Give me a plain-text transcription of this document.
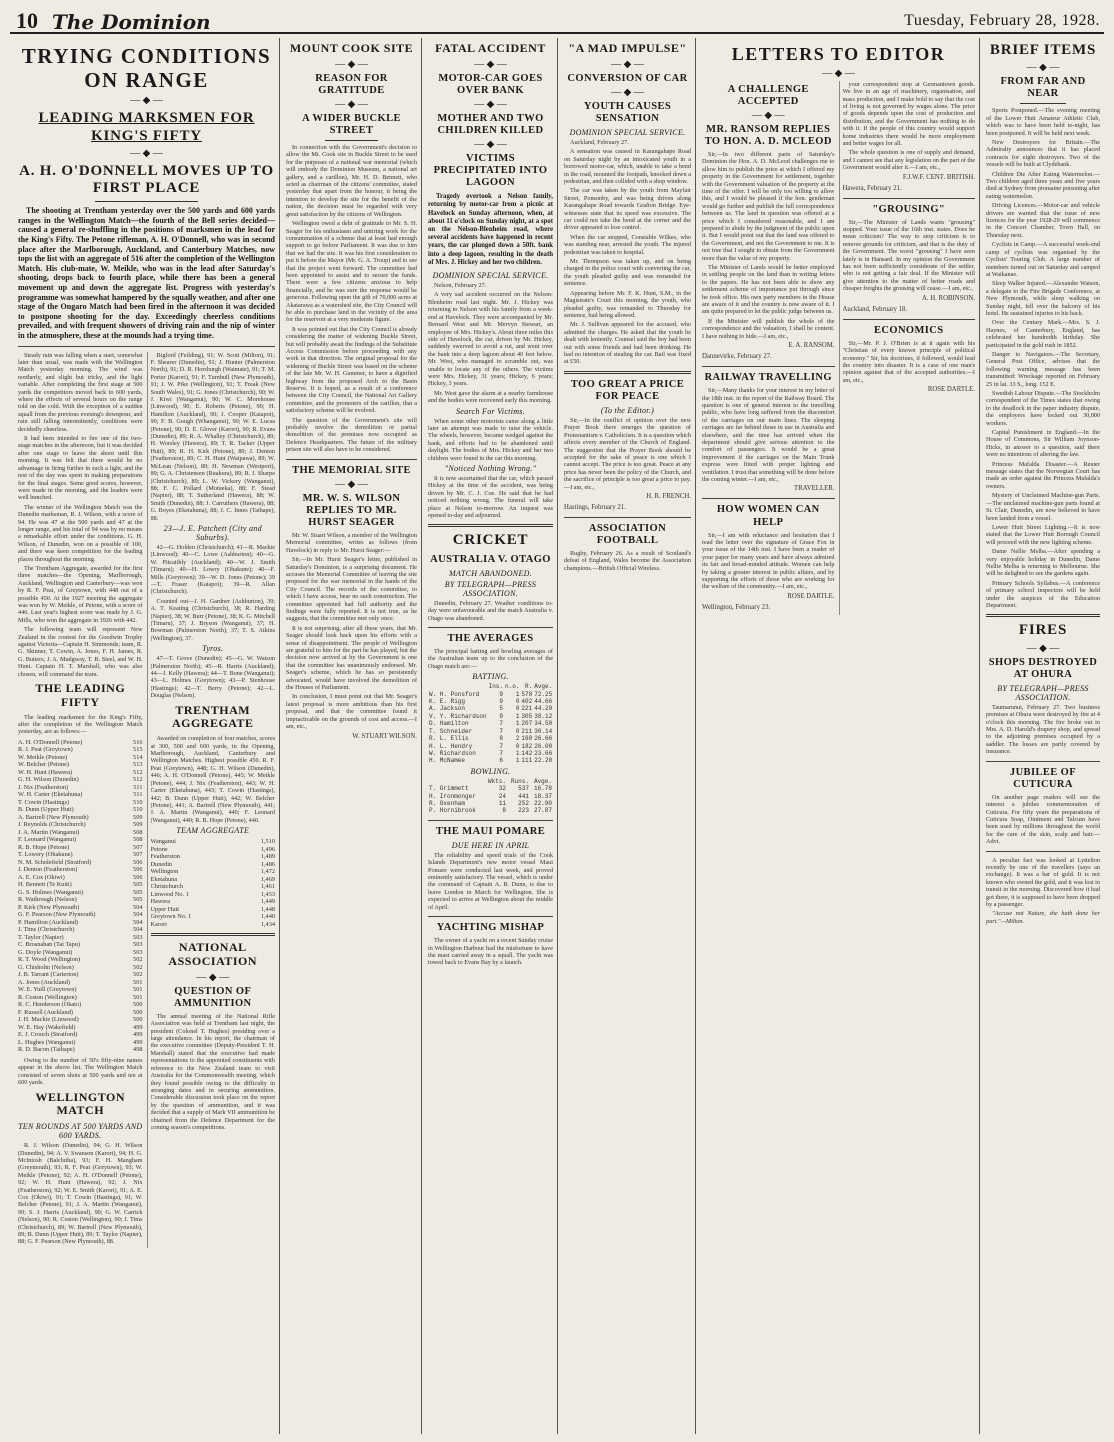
10 The Dominion	Tuesday, February 28, 1928.
TRYING CONDITIONS ON RANGE
— ◆ —
LEADING MARKSMEN FOR KING'S FIFTY
— ◆ —
A. H. O'DONNELL MOVES UP TO FIRST PLACE

The shooting at Trentham yesterday over the 500 yards and 600 yards ranges in the Wellington Match—the fourth of the Bell series decided—caused a general re-shuffling in the positions of marksmen in the lead for the King's Fifty. The Petone rifleman, A. H. O'Donnell, who was in second place after the Marlborough, Auckland, and Canterbury Matches, now tops the list with an aggregate of 516 after the completion of the Wellington Match. His club-mate, W. Meikle, who was in the lead after Saturday's shooting, drops back to fourth place, while there has been a general movement up and down the aggregate list. Progress with yesterday's programme was somewhat hampered by the squally weather, and after one stage of the Ongaro Match had been fired in the afternoon it was decided to postpone shooting for the day. Exceedingly cheerless conditions prevailed, and with frequent showers of driving rain and the nip of winter in the atmosphere, these at the mounds had a trying time.

Steady rain was falling when a start, somewhat later than usual, was made with the Wellington Match yesterday morning. The wind was northerly, and slight but tricky, and the light variable. After completing the first stage at 500 yards the competitors moved back to 600 yards, where the effects of several hours on the range told on the cold. With the exception of a sudden squall from the previous evening's downpour, and rain still falling intermittently, conditions were decidedly cheerless.

It had been intended to fire one of the two-stage matches in the afternoon, but it was decided after one stage to leave the shoot until this morning. It was felt that there would be no advantage in firing further in such a light, and the rest of the day was spent in making preparations for the final stages. Some good scores, however, were made in the morning, and the leaders were well bunched.

The winner of the Wellington Match was the Dunedin marksman, R. J. Wilson, with a score of 94. He was 47 at the 500 yards and 47 at the longer range, and his total of 94 was by no means a remarkable effort under the conditions. G. H. Wilson, of Dunedin, won on a possible of 100, and there was keen competition for the leading places throughout the morning.

The Trentham Aggregate, awarded for the first three matches—the Opening, Marlborough, Auckland, Wellington and Canterbury—was won by R. F. Peat, of Greytown, with 448 out of a possible 450. At the 1927 meeting the aggregate was won by W. Meikle, of Petone, with a score of 446. Last year's highest score was made by J. G. Mills, who won the aggregate in 1926 with 442.

The following team will represent New Zealand in the contest for the Goodwin Trophy against Victoria—Captain H. Simmonds; team, R. G. Skinner, T. Cowin, A. Jones, F. H. James, R. G. Butters, J. A. Mudgway, T. B. Steel, and W. H. Hunt. Captain H. T. Marshall, who was also chosen, will command the team.

THE LEADING FIFTY

The leading marksmen for the King's Fifty, after the completion of the Wellington Match yesterday, are as follows:—

A. H. O'Donnell (Petone)	516
R. J. Peat (Greytown)	515
W. Meikle (Petone)	514
W. Belcher (Petone)	513
W. H. Hunt (Hawera)	512
G. H. Wilson (Dunedin)	512
J. Nix (Featherston)	511
W. H. Carter (Eketahuna)	511
T. Cowin (Hastings)	510
B. Dunn (Upper Hutt)	510
A. Bartrell (New Plymouth)	509
J. Reynolds (Christchurch)	509
J. A. Martin (Wanganui)	508
F. Leonard (Wanganui)	508
R. B. Hope (Petone)	507
T. Lowery (Ohakune)	507
N. M. Scholefield (Stratford)	506
J. Denton (Featherston)	506
A. E. Cox (Okiwi)	506
H. Bennett (Te Kuiti)	505
G. S. Holmes (Wanganui)	505
R. Wathrough (Nelson)	505
P. Kirk (New Plymouth)	504
G. F. Pearson (New Plymouth)	504
P. Hamilton (Auckland)	504
J. Tims (Christchurch)	504
T. Taylor (Napier)	503
C. Brosnahan (Tai Tapu)	503
G. Doyle (Wanganui)	503
R. T. Wood (Wellington)	502
G. Chisholm (Nelson)	502
J. B. Tarrant (Carterton)	502
A. Jones (Auckland)	501
W. E. Yuill (Greytown)	501
R. Coston (Wellington)	501
R. C. Henderson (Okato)	500
F. Russell (Auckland)	500
J. H. Mackie (Linwood)	500
W. E. Hay (Wakefield)	499
E. J. Crouch (Stratford)	499
L. Hughes (Wanganui)	499
R. D. Bacon (Taihape)	498

Owing to the number of 50's fifty-nine names appear in the above list. The Wellington Match consisted of seven shots at 500 yards and ten at 600 yards.

WELLINGTON MATCH
TEN ROUNDS AT 500 YARDS AND 600 YARDS.

R. J. Wilson (Dunedin), 94; G. H. Wilson (Dunedin), 94; A. V. Swanson (Karori), 94; H. G. McIntosh (Balclutha), 93; F. H. Mangham (Greymouth), 93; R. F. Peat (Greytown), 93; W. Meikle (Petone), 92; A. H. O'Donnell (Petone), 92; W. H. Hunt (Hawera), 92; J. Nix (Featherston), 92; W. E. Smith (Karori), 91; A. E. Cox (Okiwi), 91; T. Cowin (Hastings), 91; W. Belcher (Petone), 91; J. A. Martin (Wanganui), 90; S. J. Harris (Auckland), 90; G. W. Carrick (Nelson), 90; R. Coston (Wellington), 90; J. Tims (Christchurch), 89; W. Bartrell (New Plymouth), 89; B. Dunn (Upper Hutt), 89; T. Taylor (Napier), 88; G. F. Pearson (New Plymouth), 88.

Bigford (Feilding), 91; W. Scott (Milton), 91; F. Shearer (Dunedin), 91; J. Hunter (Palmerston North), 91; D. R. Horsburgh (Waimate), 91; T. M. Porter (Karori), 91; F. Turnbull (New Plymouth), 91; J. W. Pike (Wellington), 91; T. Freak (New South Wales), 91; G. Jones (Christchurch), 90; W. J. Kiwi (Wanganui), 90; W. C. Morehouse (Linwood), 90; E. Roberts (Petone), 90; H. Hamilton (Auckland), 90; J. Cooper (Kaiapoi), 90; F. B. Gough (Whanganui), 90; W. E. Lucas (Petone), 90; D. E. Glover (Karori), 90; R. Evans (Dunedin), 89; R. A. Whalley (Christchurch), 89; H. Worsley (Hawera), 89; T. R. Tacker (Upper Hutt), 89; R. H. Kirk (Petone), 89; J. Denton (Featherston), 89; C. H. Hunt (Waipawa), 89; W. McLean (Nelson), 89; H. Newman (Westport), 89; G. A. Christensen (Ruakura), 89; R. J. Sharpe (Christchurch), 89; L. W. Vickery (Wanganui), 88; F. C. Pollard (Motueka), 88; F. Stead (Napier), 88; T. Sutherland (Hawera), 88; W. Smith (Dunedin), 88; J. Carruthers (Hawera), 88; G. Boyes (Eketahuna), 88; J. C. Innes (Taihape), 88.

23—J. E. Patchett (City and Suburbs).

42—G. Holden (Christchurch); 41—R. Mackie (Linwood); 40—C. Lowe (Ashburton); 40—G. W. Pitcaithly (Auckland); 40—W. J. Smith (Timaru); 40—H. Lowry (Ohakune); 40—F. Mills (Greytown); 39—W. D. Jones (Petone); 39—T. Fraser (Kaiapoi); 39—R. Allan (Christchurch).

Counted out—J. H. Gardner (Ashburton), 39; A. T. Keating (Christchurch), 38; R. Harding (Napier), 38; W. Burr (Petone), 38; K. G. Mitchell (Timaru), 37; J. Bryson (Wanganui), 37; H. Bowman (Palmerston North), 37; T. S. Atkins (Wellington), 37.

Tyros.

47—T. Grove (Dunedin); 45—G. W. Watson (Palmerston North); 45—R. Harris (Auckland); 44—J. Kelly (Hawera); 44—T. Bone (Wanganui); 43—L. Holmes (Greytown); 43—P. Stenhouse (Hastings); 42—T. Berry (Petone); 42—L. Douglas (Nelson).

TRENTHAM AGGREGATE

Awarded on completion of four matches, scores at 300, 500 and 600 yards, in the Opening, Marlborough, Auckland, Canterbury and Wellington Matches. Highest possible 450. R. F. Peat (Greytown), 448; G. H. Wilson (Dunedin), 446; A. H. O'Donnell (Petone), 445; W. Meikle (Petone), 444; J. Nix (Featherston), 443; W. H. Carter (Eketahuna), 443; T. Cowin (Hastings), 442; B. Dunn (Upper Hutt), 442; W. Belcher (Petone), 441; A. Bartrell (New Plymouth), 441; J. A. Martin (Wanganui), 440; F. Leonard (Wanganui), 440; R. B. Hope (Petone), 440.

TEAM AGGREGATE
Wanganui	1,510
Petone	1,496
Featherston	1,489
Dunedin	1,486
Wellington	1,472
Eketahuna	1,469
Christchurch	1,461
Linwood No. 1	1,453
Hawera	1,449
Upper Hutt	1,448
Greytown No. 1	1,440
Karori	1,434
NATIONAL ASSOCIATION
— ◆ —
QUESTION OF AMMUNITION

The annual meeting of the National Rifle Association was held at Trentham last night, the president (Colonel T. Hughes) presiding over a large attendance. In his report, the chairman of the executive committee (Deputy-President T. H. Marshall) stated that the executive had made representations to the appointed constituents with reference to the New Zealand team to visit Australia for the Commonwealth meeting, which they found possible owing to the difficulty in arranging dates and in securing ammunition. Considerable discussion took place on the report by the question of ammunition, and it was decided that a supply of Mark VII ammunition be obtained from the Defence Department for the coming season's competitions.

MOUNT COOK SITE
— ◆ —
REASON FOR GRATITUDE
— ◆ —
A WIDER BUCKLE STREET

In connection with the Government's decision to allow the Mt. Cook site in Buckle Street to be used for the purposes of a national war memorial (which will embody the Dominion Museum, a national art gallery, and a carillon), Mr. H. D. Bennett, who acted as chairman of the citizens' committee, stated yesterday that apart from the honour, it being the intention to develop the site for the benefit of the nation, the decision must be regarded with very great satisfaction by the citizens of Wellington.

Wellington owed a debt of gratitude to Mr. S. H. Seager for his enthusiasm and untiring work for the consummation of a scheme that at least had enough support to go before Parliament. It was due to him that we had the site. It was his first consideration to put it before the Mayor (Mr. G. A. Troup) and to see that the project went forward. The committee had been appointed to assist and to secure the funds. There were a few citizens anxious to help financially, and he was sure the response would be generous. Following upon the gift of 70,000 acres at Akatarawa as a watershed site, the City Council will be able to purchase land in the vicinity of the area for the reservoir at a very moderate figure.

It was pointed out that the City Council is already considering the matter of widening Buckle Street, but will probably await the findings of the Substitute Access Commission before proceeding with any work in that direction. The original proposal for the widening of Buckle Street was based on the scheme of the late Mr. W. H. Gummer, to have a dignified highway from the proposed Arch to the Basin Reserve. It is hoped, as a result of a conference between the City Council, the National Art Gallery committee, and the promoters of the carillon, that a satisfactory scheme will be evolved.

The question of the Government's site will probably involve the demolition or partial demolition of the premises now occupied as Defence Headquarters. The future of the military prison site will also have to be considered.

THE MEMORIAL SITE
— ◆ —
MR. W. S. WILSON REPLIES TO MR. HURST SEAGER

Mr. W. Stuart Wilson, a member of the Wellington Memorial committee, writes as follows (from Havelock) in reply to Mr. Hurst Seager:—

Sir,—In Mr. Hurst Seager's letter, published in Saturday's Dominion, is a surprising document. He accuses the Memorial Committee of leaving the site proposed for the war memorial in the hands of the City Council. The records of the committee, to which I have access, bear no such construction. The committee appointed had full authority and the findings were fully reported. It is not true, as he suggests, that the committee met only once.

It is not surprising, after all these years, that Mr. Seager should look back upon his efforts with a sense of disappointment. The people of Wellington are grateful to him for the part he has played, but the decision now arrived at by the Government is one that the committee has unanimously endorsed. Mr. Seager's scheme, which he has so persistently advocated, would have involved the demolition of the Houses of Parliament.

In conclusion, I must point out that Mr. Seager's latest proposal is more ambitious than his first proposal, and that the committee found it impracticable on the grounds of cost and access.—I am, etc.,

W. STUART WILSON.

FATAL ACCIDENT
— ◆ —
MOTOR-CAR GOES OVER BANK
— ◆ —
MOTHER AND TWO CHILDREN KILLED
— ◆ —
VICTIMS PRECIPITATED INTO LAGOON

Tragedy overtook a Nelson family, returning by motor-car from a picnic at Havelock on Sunday afternoon, when, at about 11 o'clock on Sunday night, at a spot on the Nelson-Blenheim road, where several accidents have happened in recent years, the car plunged down a 50ft. bank into a deep lagoon, resulting in the death of Mrs. J. Hickey and her two children.

DOMINION SPECIAL SERVICE.

Nelson, February 27.

A very sad accident occurred on the Nelson-Blenheim road last night. Mr. J. Hickey was returning to Nelson with his family from a week-end at Havelock. They were accompanied by Mr. Bernard West and Mr. Mervyn Stewart, an employee of Mrs. Hickey's. About three miles this side of Havelock, the car, driven by Mr. Hickey, suddenly swerved to avoid a rut, and went over the bank into a deep lagoon about 40 feet below. Mr. West, who managed to scramble out, was unable to locate any of the others. The victims were Mrs. Hickey, 31 years; Hickey, 6 years; Hickey, 3 years.

Mr. West gave the alarm at a nearby farmhouse and the bodies were recovered early this morning.

Search For Victims.

When some other motorists came along a little later an attempt was made to raise the vehicle. The wheels, however, became wedged against the bank, and efforts had to be abandoned until daylight. The bodies of Mrs. Hickey and her two children were found in the car this morning.

"Noticed Nothing Wrong."

It is now ascertained that the car, which passed Hickey at the time of the accident, was being driven by Mr. C. J. Coe. He said that he had noticed nothing wrong. The funeral will take place at Nelson to-morrow. An inquest was opened to-day and adjourned.

CRICKET
AUSTRALIA V. OTAGO
MATCH ABANDONED.
BY TELEGRAPH—PRESS ASSOCIATION.

Dunedin, February 27. Weather conditions to-day were unfavourable and the match Australia v. Otago was abandoned.

THE AVERAGES

The principal batting and bowling averages of the Australian team up to the conclusion of the Otago match are:—

BATTING.
	Ins.	n.o.	R.	Avge.
W. H. Ponsford	9	1	578	72.25
K. E. Rigg	9	0	402	44.66
A. Jackson	5	0	221	44.20
V. Y. Richardson	9	1	305	38.12
D. Hamilton	7	1	207	34.50
T. Schneider	7	0	211	30.14
R. L. Ellis	8	2	160	26.66
H. L. Hendry	7	0	182	26.00
W. Richardson	7	1	142	23.66
H. McNamee	6	1	111	22.20
BOWLING.
	Wkts.	Runs.	Avge.
T. Grimmett	32	537	16.78
H. Ironmonger	24	441	18.37
R. Oxenham	11	252	22.90
P. Hornibrook	8	223	27.87
THE MAUI POMARE
DUE HERE IN APRIL

The reliability and speed trials of the Cook Islands Department's new motor vessel Maui Pomare were conducted last week, and proved eminently satisfactory. The vessel, which is under the command of Captain A. B. Dunn, is due to leave London in March for Wellington. She is expected to arrive at Wellington about the middle of April.

YACHTING MISHAP

The owner of a yacht on a recent Sunday cruise in Wellington Harbour had the misfortune to have the mast carried away in a squall. The yacht was towed back to Evans Bay by a launch.

"A MAD IMPULSE"
— ◆ —
CONVERSION OF CAR
— ◆ —
YOUTH CAUSES SENSATION
DOMINION SPECIAL SERVICE.

Auckland, February 27.

A sensation was caused in Karangahape Road on Saturday night by an intoxicated youth in a borrowed motor-car, which, unable to take a bend in the road, mounted the footpath, knocked down a pedestrian, and then collided with a shop window.

The car was taken by the youth from Mayfair Street, Ponsonby, and was being driven along Karangahape Road towards Grafton Bridge. Eye-witnesses state that its speed was excessive. The car could not take the bend at the corner and the driver appeared to lose control.

When the car stopped, Constable Wilkes, who was standing near, arrested the youth. The injured pedestrian was taken to hospital.

Mr. Thompson was taken up, and on being charged in the police court with converting the car, the youth pleaded guilty and was remanded for sentence.

Appearing before Mr. F. K. Hunt, S.M., in the Magistrate's Court this morning, the youth, who pleaded guilty, was remanded to Thursday for sentence, bail being allowed.

Mr. J. Sullivan appeared for the accused, who admitted the charges. He asked that the youth be dealt with leniently. Counsel said the boy had been out with some friends and had been drinking. He had no intention of stealing the car. Bail was fixed at £50.

TOO GREAT A PRICE FOR PEACE
(To the Editor.)

Sir,—In the conflict of opinion over the new Prayer Book there emerges the question of Protestantism v. Catholicism. It is a question which affects every member of the Church of England. The suggestion that the Prayer Book should be accepted for the sake of peace is one which I cannot accept. The price is too great. Peace at any price has never been the policy of the Church, and the sacrifice of principle is too great a price to pay.—I am, etc.,

H. R. FRENCH.

Hastings, February 21.

ASSOCIATION FOOTBALL

Rugby, February 26. As a result of Scotland's defeat of England, Wales become the Association champions.—British Official Wireless.

LETTERS TO EDITOR
— ◆ —
A CHALLENGE ACCEPTED
— ◆ —
MR. RANSOM REPLIES TO HON. A. D. MCLEOD

Sir,—In two different parts of Saturday's Dominion the Hon. A. D. McLeod challenges me to allow him to publish the price at which I offered my property in the Government for settlement, together with the Government valuation of the property at the time of the offer. I will be only too willing to allow this, and I would be pleased if the hon. gentleman would go further and publish the full correspondence between us. The land in question was offered at a price which I considered reasonable, and I am prepared to abide by the judgment of the public upon it. But I would point out that the land was offered to the Government, and not the Government to me. It is not true that I sought to obtain from the Government more than the value of my property.

The Minister of Lands would be better employed in settling people on the land than in writing letters to the papers. He has not been able to show any settlement scheme of importance put through since he took office. His own party members in the House are aware of it and the country is now aware of it. I am quite prepared to let the public judge between us.

If the Minister will publish the whole of the correspondence and the valuation, I shall be content. I have nothing to hide.—I am, etc.,

E. A. RANSOM.

Dannevirke, February 27.

RAILWAY TRAVELLING

Sir,—Many thanks for your interest in my letter of the 18th inst. in the report of the Railway Board. The question is one of general interest to the travelling public, who have long suffered from the discomfort of the carriages on our main lines. The sleeping carriages are far behind those in use in Australia and elsewhere, and the time has arrived when the department should give serious attention to the comfort of passengers. It would be a great improvement if the carriages on the Main Trunk express were fitted with proper lighting and ventilation. I trust that something will be done before the coming winter.—I am, etc.,

TRAVELLER.

HOW WOMEN CAN HELP

Sir,—I am with reluctance and hesitation that I read the letter over the signature of Grace Fox in your issue of the 14th inst. I have been a reader of your paper for many years and have always admired its fair and broad-minded attitude. Women can help by taking a greater interest in public affairs, and by supporting the efforts of those who are working for the welfare of the community.—I am, etc.,

ROSE DARTLE.

Wellington, February 23.

your correspondent stop at Germantown goods. We live in an age of machinery, organisation, and mass production, and I make bold to say that the cost of living is not governed by wages alone. The price of goods depends upon the cost of production and distribution, and the Government has nothing to do with it. If the people of this country would support home industries there would be more employment and better wages for all.

The whole question is one of supply and demand, and I cannot see that any legislation on the part of the Government would alter it.—I am, etc.,

F.J.W.F. CENT. BRITISH.

Hawera, February 21.

"GROUSING"

Sir,—The Minister of Lands wants "grousing" stopped. Your issue of the 16th inst. states. Does he mean criticism? The way to stop criticism is to remove grounds for criticism, and that is the duty of the Government. The worst "grousing" I have seen lately is in Hansard. In my opinion the Government has not been sufficiently considerate of the settler, who is not getting a fair deal. If the Minister will give attention to the matter of better roads and cheaper freights the grousing will cease.—I am, etc.,

A. H. ROBINSON.

Auckland, February 18.

ECONOMICS

Sir,—Mr. P. J. O'Brien is at it again with his "Christian of every known principle of political economy." Sir, his doctrines, if followed, would lead the country into disaster. It is a case of one man's opinion against that of the accepted authorities.—I am, etc.,

ROSE DARTLE.

BRIEF ITEMS
— ◆ —
FROM FAR AND NEAR

Sports Postponed.—The evening meeting of the Lower Hutt Amateur Athletic Club, which was to have been held to-night, has been postponed. It will be held next week.

New Destroyers for Britain.—The Admiralty announces that it has placed contracts for eight destroyers. Two of the vessels will be built at Clydebank.

Children Die After Eating Watermelon.—Two children aged three years and five years died at Sydney from ptomaine poisoning after eating watermelon.

Driving Licences.—Motor-car and vehicle drivers are warned that the issue of new licences for the year 1928-29 will commence in the Concert Chamber, Town Hall, on Thursday next.

Cyclists in Camp.—A successful week-end camp of cyclists was organised by the Cyclists' Touring Club. A large number of members turned out on Saturday and camped at Waikanae.

Sleep Walker Injured.—Alexander Watson, a delegate to the Fire Brigade Conference, at New Plymouth, while sleep walking on Sunday night, fell over the balcony of his hotel. He sustained injuries to his back.

Over the Century Mark.—Mrs. S. J. Haynes, of Canterbury, England, has celebrated her hundredth birthday. She participated in the gold rush in 1852.

Danger to Navigators.—The Secretary, General Post Office, advises that the following warning message has been transmitted: Wreckage reported on February 25 in lat. 33 S., long. 152 E.

Swedish Labour Dispute.—The Stockholm correspondent of the Times states that owing to the deadlock in the paper industry dispute, the employers have locked out 30,000 workers.

Capital Punishment in England.—In the House of Commons, Sir William Joynson-Hicks, in answer to a question, said there were no intentions of altering the law.

Princess Mafalda Disaster.—A Reuter message states that the Norwegian Court has made an order against the Princess Mafalda's owners.

Mystery of Unclaimed Machine-gun Parts.—The unclaimed machine-gun parts found at St. Clair, Dunedin, are now believed to have been landed from a vessel.

Lower Hutt Street Lighting.—It is now stated that the Lower Hutt Borough Council will proceed with the new lighting scheme.

Dame Nellie Melba.—After spending a very enjoyable holiday in Dunedin, Dame Nellie Melba is returning to Melbourne. She will be delighted to see the gardens again.

Primary Schools Syllabus.—A conference of primary school inspectors will be held under the auspices of the Education Department.

FIRES
— ◆ —
SHOPS DESTROYED AT OHURA
BY TELEGRAPH—PRESS ASSOCIATION.

Taumarunui, February 27. Two business premises at Ohura were destroyed by fire at 4 o'clock this morning. The fire broke out in Mrs. A. D. Harold's drapery shop, and spread to the adjoining premises occupied by a saddler. The losses are partly covered by insurance.

JUBILEE OF CUTICURA

On another page readers will see the interest a jubilee commemoration of Cuticura. For fifty years the preparations of Cuticura Soap, Ointment and Talcum have been used by millions throughout the world for the care of the skin, scalp and hair.—Advt.

A peculiar fact was looked at Lyttelton recently by one of the travellers (says an exchange). It was a bar of gold. It is not known who owned the gold, and it was lost in transit in the morning. Discovered how it had got there, it is supposed to have been dropped by a passenger.

"Accuse not Nature, she hath done her part."—Milton.
